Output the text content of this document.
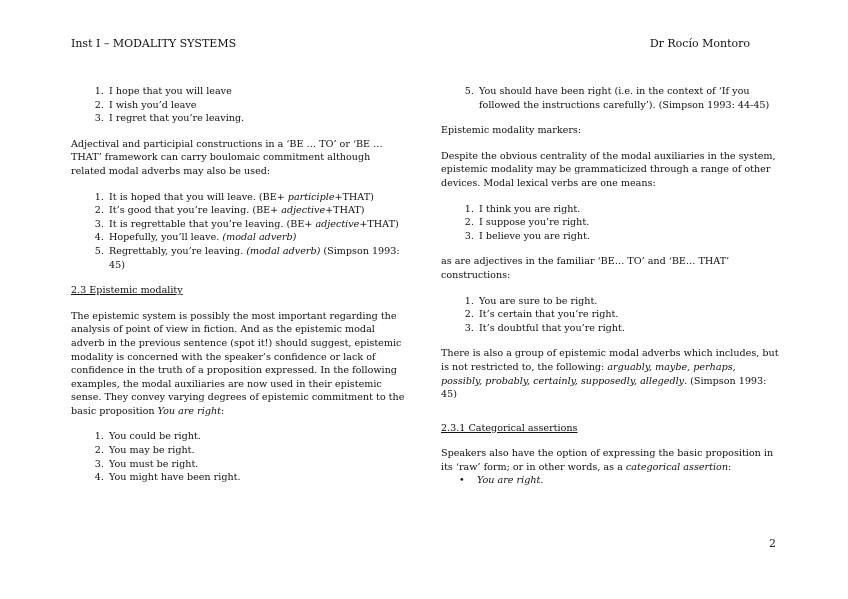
Inst I – MODALITY SYSTEMS	Dr Rocío Montoro
1. I hope that you will leave
2. I wish you’d leave
3. I regret that you’re leaving.

Adjectival and participial constructions in a ‘BE … TO’ or ‘BE … THAT’ framework can carry boulomaic commitment although related modal adverbs may also be used:

1. It is hoped that you will leave. (BE+ participle+THAT)
2. It’s good that you’re leaving. (BE+ adjective+THAT)
3. It is regrettable that you’re leaving. (BE+ adjective+THAT)
4. Hopefully, you’ll leave. (modal adverb)
5. Regrettably, you’re leaving. (modal adverb) (Simpson 1993: 45)
2.3 Epistemic modality

The epistemic system is possibly the most important regarding the analysis of point of view in fiction. And as the epistemic modal adverb in the previous sentence (spot it!) should suggest, epistemic modality is concerned with the speaker’s confidence or lack of confidence in the truth of a proposition expressed. In the following examples, the modal auxiliaries are now used in their epistemic sense. They convey varying degrees of epistemic commitment to the basic proposition You are right:

1. You could be right.
2. You may be right.
3. You must be right.
4. You might have been right.
5. You should have been right (i.e. in the context of ‘If you followed the instructions carefully’). (Simpson 1993: 44-45)

Epistemic modality markers:

Despite the obvious centrality of the modal auxiliaries in the system, epistemic modality may be grammaticized through a range of other devices. Modal lexical verbs are one means:

1. I think you are right.
2. I suppose you’re right.
3. I believe you are right.

as are adjectives in the familiar ‘BE… TO’ and ‘BE… THAT’ constructions:

1. You are sure to be right.
2. It’s certain that you’re right.
3. It’s doubtful that you’re right.

There is also a group of epistemic modal adverbs which includes, but is not restricted to, the following: arguably, maybe, perhaps, possibly, probably, certainly, supposedly, allegedly. (Simpson 1993: 45)

2.3.1 Categorical assertions

Speakers also have the option of expressing the basic proposition in its ‘raw’ form; or in other words, as a categorical assertion:

• You are right.
2
